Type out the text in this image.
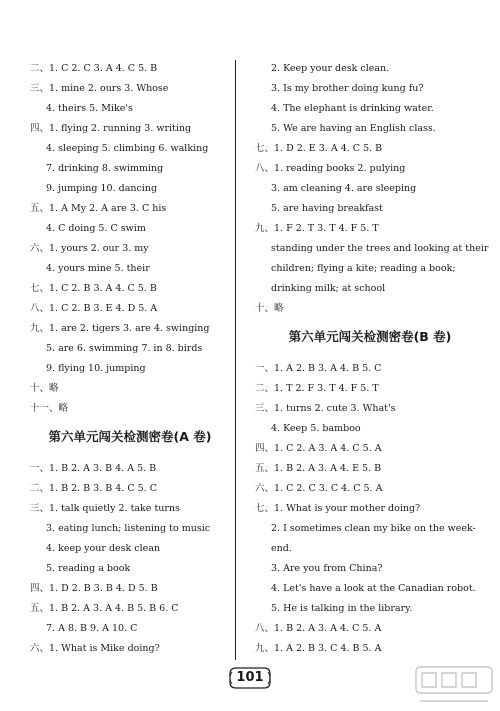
二、1. C 2. C 3. A 4. C 5. B
三、1. mine 2. ours 3. Whose
4. theirs 5. Mike's
四、1. flying 2. running 3. writing
4. sleeping 5. climbing 6. walking
7. drinking 8. swimming
9. jumping 10. dancing
五、1. A My 2. A are 3. C his
4. C doing 5. C swim
六、1. yours 2. our 3. my
4. yours mine 5. their
七、1. C 2. B 3. A 4. C 5. B
八、1. C 2. B 3. E 4. D 5. A
九、1. are 2. tigers 3. are 4. swinging
5. are 6. swimming 7. in 8. birds
9. flying 10. jumping
十、略
十一、略
第六单元闯关检测密卷(A 卷)
一、1. B 2. A 3. B 4. A 5. B
二、1. B 2. B 3. B 4. C 5. C
三、1. talk quietly 2. take turns
3. eating lunch; listening to music
4. keep your desk clean
5. reading a book
四、1. D 2. B 3. B 4. D 5. B
五、1. B 2. A 3. A 4. B 5. B 6. C
7. A 8. B 9. A 10. C
六、1. What is Mike doing?
2. Keep your desk clean.
3. Is my brother doing kung fu?
4. The elephant is drinking water.
5. We are having an English class.
七、1. D 2. E 3. A 4. C 5. B
八、1. reading books 2. pulying
3. am cleaning 4. are sleeping
5. are having breakfast
九、1. F 2. T 3. T 4. F 5. T
standing under the trees and looking at their
children; flying a kite; reading a book;
drinking milk; at school
十、略
第六单元闯关检测密卷(B 卷)
一、1. A 2. B 3. A 4. B 5. C
二、1. T 2. F 3. T 4. F 5. T
三、1. turns 2. cute 3. What's
4. Keep 5. bamboo
四、1. C 2. A 3. A 4. C 5. A
五、1. B 2. A 3. A 4. E 5. B
六、1. C 2. C 3. C 4. C 5. A
七、1. What is your mother doing?
2. I sometimes clean my bike on the week-
end.
3. Are you from China?
4. Let's have a look at the Canadian robot.
5. He is talking in the library.
八、1. B 2. A 3. A 4. C 5. A
九、1. A 2. B 3. C 4. B 5. A
101
